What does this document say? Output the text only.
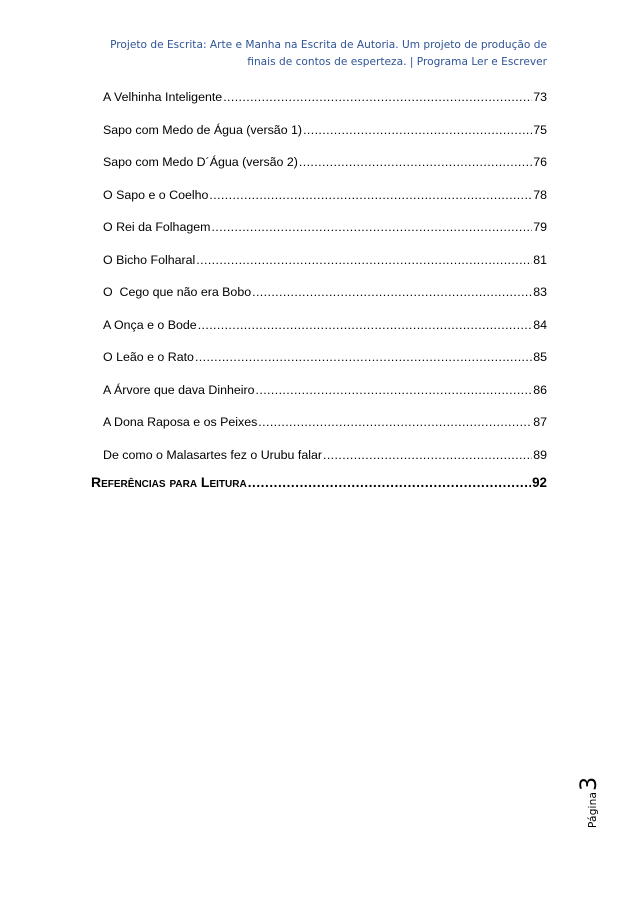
Projeto de Escrita: Arte e Manha na Escrita de Autoria. Um projeto de produção de
finais de contos de esperteza. | Programa Ler e Escrever
A Velhinha Inteligente .....	73
Sapo com Medo de Água (versão 1) .....	75
Sapo com Medo D´Água (versão 2) .....	76
O Sapo e o Coelho .....	78
O Rei da Folhagem .....	79
O Bicho Folharal .....	81
O  Cego que não era Bobo .....	83
A Onça e o Bode .....	84
O Leão e o Rato .....	85
A Árvore que dava Dinheiro .....	86
A Dona Raposa e os Peixes .....	87
De como o Malasartes fez o Urubu falar .....	89
Referências para Leitura .....	92
Página
3
